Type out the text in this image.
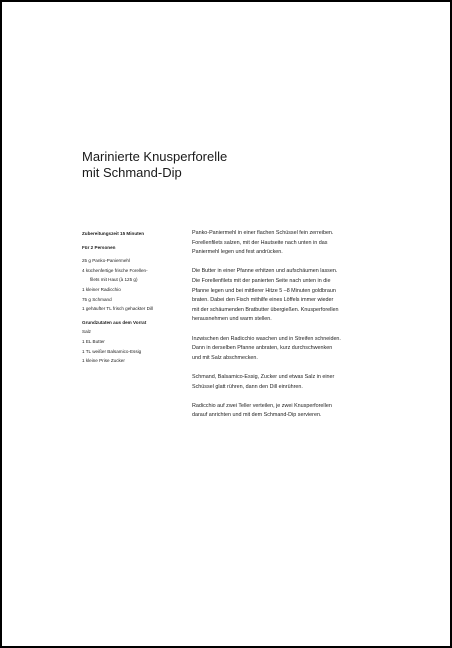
Marinierte Knusperforelle
mit Schmand-Dip
Zubereitungszeit 15 Minuten
Für 2 Personen
25 g Panko-Paniermehl
4 küchenfertige frische Forellen-
filets mit Haut (à 125 g)
1 kleiner Radicchio
75 g Schmand
1 gehäufter TL frisch gehackter Dill
Grundzutaten aus dem Vorrat
Salz
1 EL Butter
1 TL weißer Balsamico-Essig
1 kleine Prise Zucker

Panko-Paniermehl in einer flachen Schüssel fein zerreiben.
Forellenfilets salzen, mit der Hautseite nach unten in das
Paniermehl legen und fest andrücken.

Die Butter in einer Pfanne erhitzen und aufschäumen lassen.
Die Forellenfilets mit der panierten Seite nach unten in die
Pfanne legen und bei mittlerer Hitze 5 –8 Minuten goldbraun
braten. Dabei den Fisch mithilfe eines Löffels immer wieder
mit der schäumenden Bratbutter übergießen. Knusperforellen
herausnehmen und warm stellen.

Inzwischen den Radicchio waschen und in Streifen schneiden.
Dann in derselben Pfanne anbraten, kurz durchschwenken
und mit Salz abschmecken.

Schmand, Balsamico-Essig, Zucker und etwas Salz in einer
Schüssel glatt rühren, dann den Dill einrühren.

Radicchio auf zwei Teller verteilen, je zwei Knusperforellen
darauf anrichten und mit dem Schmand-Dip servieren.
